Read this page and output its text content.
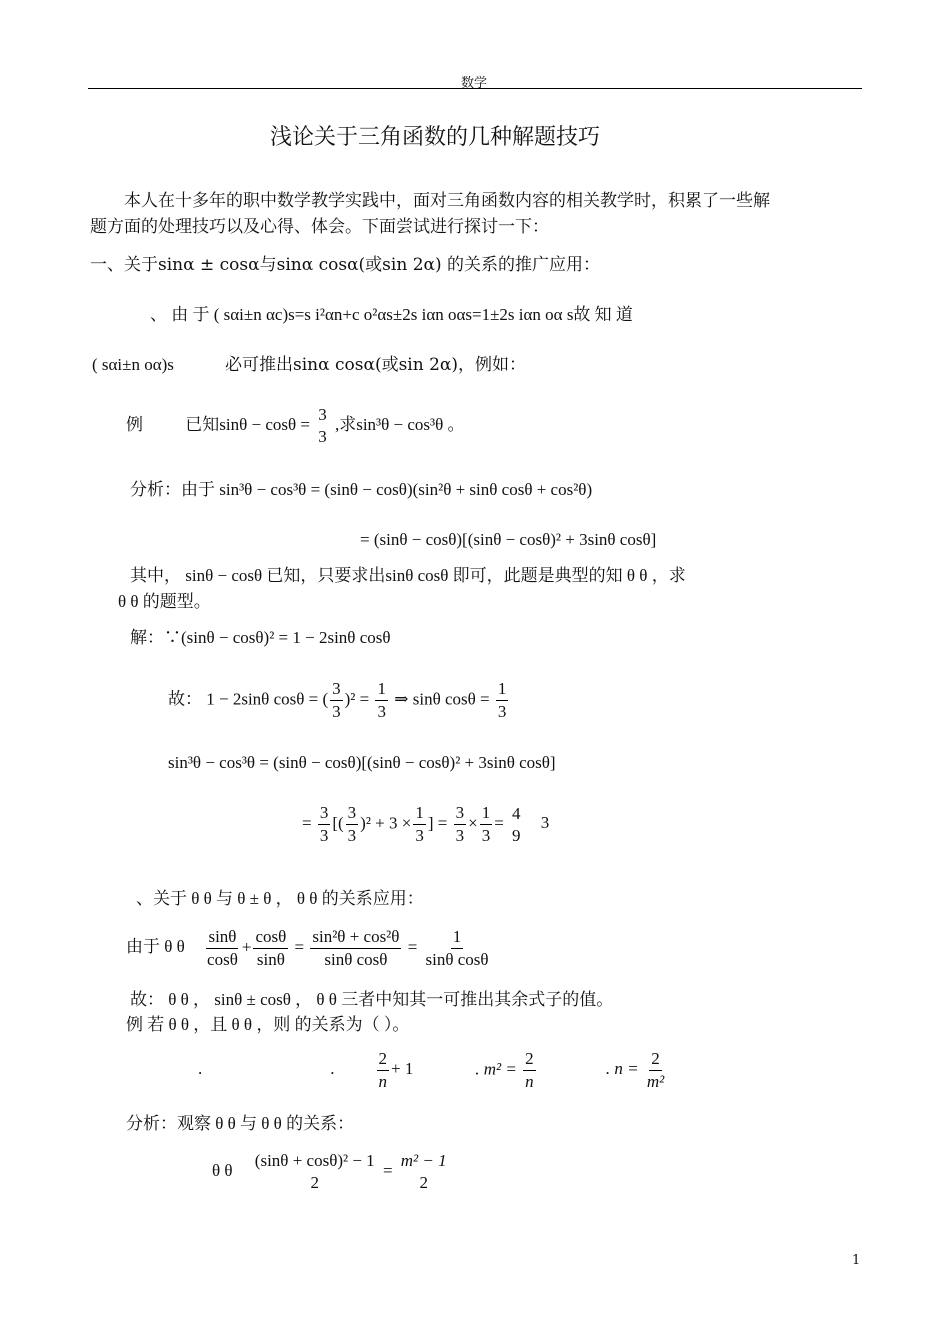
数学
浅论关于三角函数的几种解题技巧
本人在十多年的职中数学教学实践中，面对三角函数内容的相关教学时，积累了一些解
题方面的处理技巧以及心得、体会。下面尝试进行探讨一下：
一、关于sinα ± cosα与sinα cosα(或sin 2α) 的关系的推广应用：
、 由 于 ( sαi±n αc)s=s i²αn+c ο²αs±2s iαn οαs=1±2s iαn οα s故 知 道
( sαi±n οα)s	必可推出sinα cosα(或sin 2α)，例如：
例 已知sinθ − cosθ =
3
3
,求sin³θ − cos³θ 。
分析：由于 sin³θ − cos³θ = (sinθ − cosθ)(sin²θ + sinθ cosθ + cos²θ)
= (sinθ − cosθ)[(sinθ − cosθ)² + 3sinθ cosθ]
其中， sinθ − cosθ 已知，只要求出sinθ cosθ 即可，此题是典型的知 θ θ ，求
θ θ 的题型。
解：∵(sinθ − cosθ)² = 1 − 2sinθ cosθ
故： 1 − 2sinθ cosθ = ( $\frac{3}{3} )^2 = \frac{1}{3}$ ⇒ sinθ $\cos\theta = \frac{1}{3}$
sin³θ − cos³θ = (sinθ − cosθ)[(sinθ − cosθ)² + 3sinθ cosθ]
= $\frac{3}{3}$ [( $\frac{3}{3} )^2 + 3 \times \frac{1}{3}$ ] = $\frac{3}{3} \times \frac{1}{3}$ =
4
9
3
、关于 θ θ 与 θ ± θ ， θ θ 的关系应用：
由于 θ θ $\frac{\sin\theta}{\cos\theta} + \frac{\cos\theta}{\sin\theta} = \frac{\text{sin²θ + cos²θ}}{\text{sinθ cosθ}} = \frac{1}{\text{sinθ cosθ}}$
故： θ θ ， sinθ ± cosθ ， θ θ 三者中知其一可推出其余式子的值。
例 若 θ θ ，且 θ θ ，则 的关系为（ ）。
.	. $\frac{2}{n} + 1$	. $m^2 = \frac{2}{n}$	. $n = \frac{2}{\text{m²}}$
分析：观察 θ θ 与 θ θ 的关系：
θ θ
(sinθ + cosθ)² − 1
2
=
m² − 1
2
1
